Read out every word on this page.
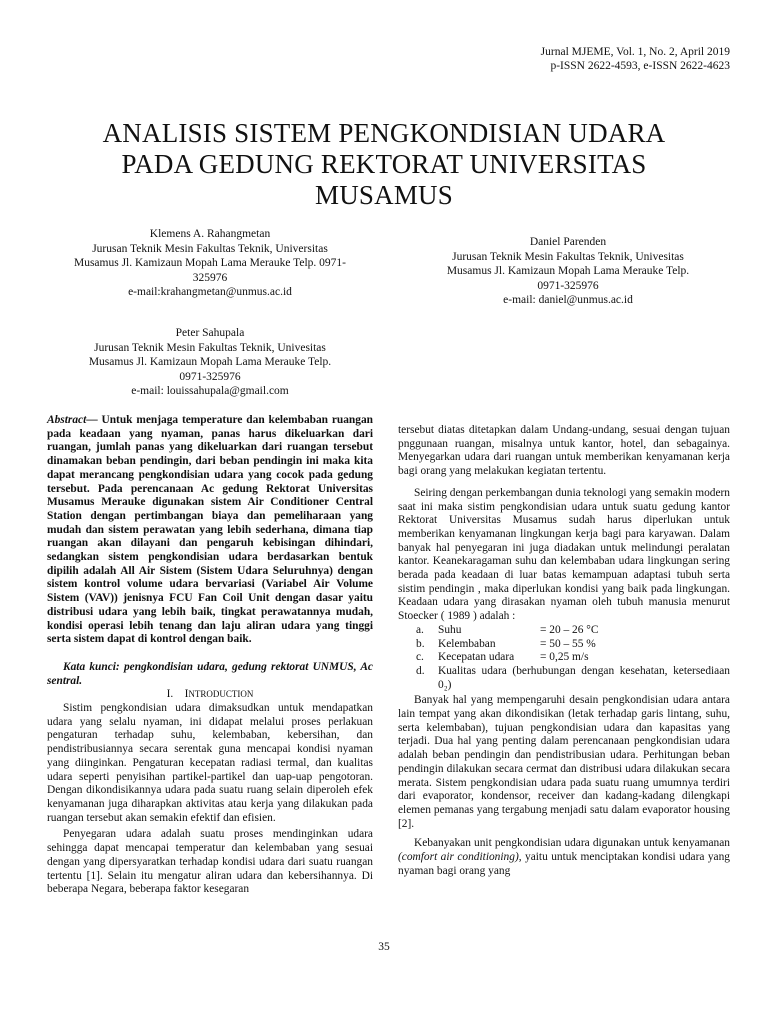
Jurnal MJEME, Vol. 1, No. 2, April 2019
p-ISSN 2622-4593, e-ISSN 2622-4623
ANALISIS SISTEM PENGKONDISIAN UDARA
PADA GEDUNG REKTORAT UNIVERSITAS
MUSAMUS
Klemens A. Rahangmetan
Jurusan Teknik Mesin Fakultas Teknik, Universitas
Musamus Jl. Kamizaun Mopah Lama Merauke Telp. 0971-
325976
e-mail:krahangmetan@unmus.ac.id
Daniel Parenden
Jurusan Teknik Mesin Fakultas Teknik, Univesitas
Musamus Jl. Kamizaun Mopah Lama Merauke Telp.
0971-325976
e-mail: daniel@unmus.ac.id
Peter Sahupala
Jurusan Teknik Mesin Fakultas Teknik, Univesitas
Musamus Jl. Kamizaun Mopah Lama Merauke Telp.
0971-325976
e-mail: louissahupala@gmail.com

Abstract— Untuk menjaga temperature dan kelembaban ruangan pada keadaan yang nyaman, panas harus dikeluarkan dari ruangan, jumlah panas yang dikeluarkan dari ruangan tersebut dinamakan beban pendingin, dari beban pendingin ini maka kita dapat merancang pengkondisian udara yang cocok pada gedung tersebut. Pada perencanaan Ac gedung Rektorat Universitas Musamus Merauke digunakan sistem Air Conditioner Central Station dengan pertimbangan biaya dan pemeliharaan yang mudah dan sistem perawatan yang lebih sederhana, dimana tiap ruangan akan dilayani dan pengaruh kebisingan dihindari, sedangkan sistem pengkondisian udara berdasarkan bentuk dipilih adalah All Air Sistem (Sistem Udara Seluruhnya) dengan sistem kontrol volume udara bervariasi (Variabel Air Volume Sistem (VAV)) jenisnya FCU Fan Coil Unit dengan dasar yaitu distribusi udara yang lebih baik, tingkat perawatannya mudah, kondisi operasi lebih tenang dan laju aliran udara yang tinggi serta sistem dapat di kontrol dengan baik.

Kata kunci: pengkondisian udara, gedung rektorat UNMUS, Ac sentral.

I. INTRODUCTION

Sistim pengkondisian udara dimaksudkan untuk mendapatkan udara yang selalu nyaman, ini didapat melalui proses perlakuan pengaturan terhadap suhu, kelembaban, kebersihan, dan pendistribusiannya secara serentak guna mencapai kondisi nyaman yang diinginkan. Pengaturan kecepatan radiasi termal, dan kualitas udara seperti penyisihan partikel-partikel dan uap-uap pengotoran. Dengan dikondisikannya udara pada suatu ruang selain diperoleh efek kenyamanan juga diharapkan aktivitas atau kerja yang dilakukan pada ruangan tersebut akan semakin efektif dan efisien.

Penyegaran udara adalah suatu proses mendinginkan udara sehingga dapat mencapai temperatur dan kelembaban yang sesuai dengan yang dipersyaratkan terhadap kondisi udara dari suatu ruangan tertentu [1]. Selain itu mengatur aliran udara dan kebersihannya. Di beberapa Negara, beberapa faktor kesegaran

tersebut diatas ditetapkan dalam Undang-undang, sesuai dengan tujuan pnggunaan ruangan, misalnya untuk kantor, hotel, dan sebagainya. Menyegarkan udara dari ruangan untuk memberikan kenyamanan kerja bagi orang yang melakukan kegiatan tertentu.

Seiring dengan perkembangan dunia teknologi yang semakin modern saat ini maka sistim pengkondisian udara untuk suatu gedung kantor Rektorat Universitas Musamus sudah harus diperlukan untuk memberikan kenyamanan lingkungan kerja bagi para karyawan. Dalam banyak hal penyegaran ini juga diadakan untuk melindungi peralatan kantor. Keanekaragaman suhu dan kelembaban udara lingkungan sering berada pada keadaan di luar batas kemampuan adaptasi tubuh serta sistim pendingin , maka diperlukan kondisi yang baik pada lingkungan. Keadaan udara yang dirasakan nyaman oleh tubuh manusia menurut Stoecker ( 1989 ) adalah :

a.	Suhu	= 20 – 26 °C
b.	Kelembaban	= 50 – 55 %
c.	Kecepatan udara	= 0,25 m/s
d.	Kualitas udara (berhubungan dengan kesehatan, ketersediaan 0₂)

Banyak hal yang mempengaruhi desain pengkondisian udara antara lain tempat yang akan dikondisikan (letak terhadap garis lintang, suhu, serta kelembaban), tujuan pengkondisian udara dan kapasitas yang terjadi. Dua hal yang penting dalam perencanaan pengkondisian udara adalah beban pendingin dan pendistribusian udara. Perhitungan beban pendingin dilakukan secara cermat dan distribusi udara dilakukan secara merata. Sistem pengkondisian udara pada suatu ruang umumnya terdiri dari evaporator, kondensor, receiver dan kadang-kadang dilengkapi elemen pemanas yang tergabung menjadi satu dalam evaporator housing [2].

Kebanyakan unit pengkondisian udara digunakan untuk kenyamanan (comfort air conditioning), yaitu untuk menciptakan kondisi udara yang nyaman bagi orang yang

35
